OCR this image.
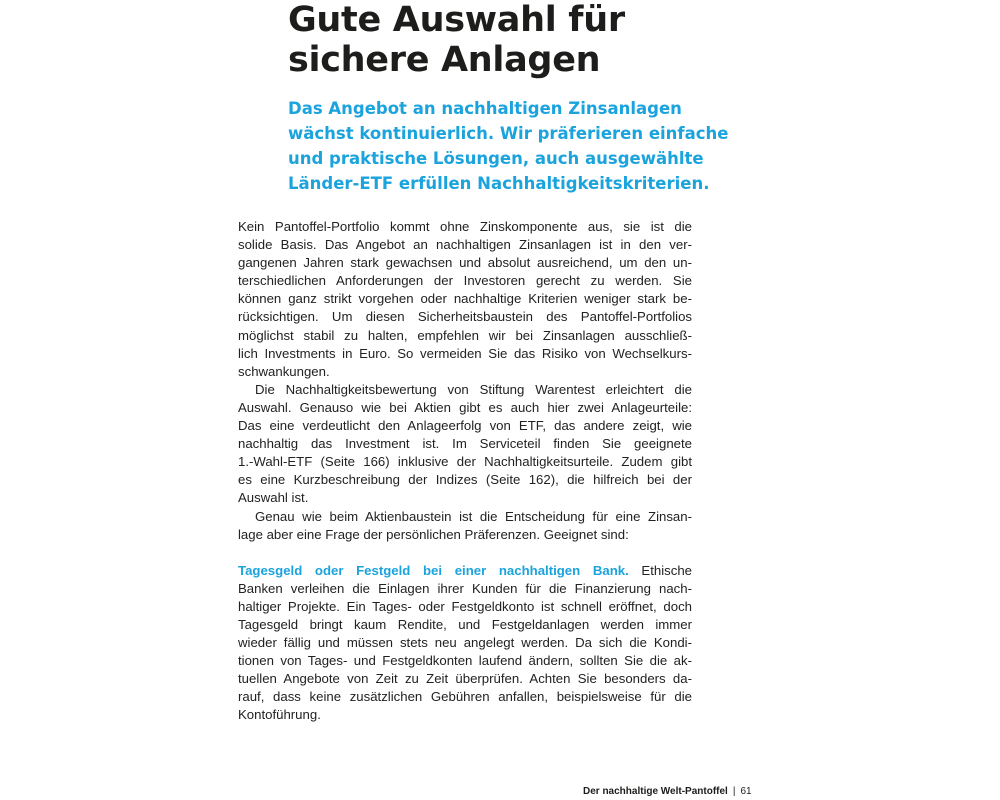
Gute Auswahl für
sichere Anlagen
Das Angebot an nachhaltigen Zinsanlagen
wächst kontinuierlich. Wir präferieren einfache
und praktische Lösungen, auch ausgewählte
Länder-ETF erfüllen Nachhaltigkeitskriterien.
Kein Pantoffel-Portfolio kommt ohne Zinskomponente aus, sie ist die
solide Basis. Das Angebot an nachhaltigen Zinsanlagen ist in den ver-
gangenen Jahren stark gewachsen und absolut ausreichend, um den un-
terschiedlichen Anforderungen der Investoren gerecht zu werden. Sie
können ganz strikt vorgehen oder nachhaltige Kriterien weniger stark be-
rücksichtigen. Um diesen Sicherheitsbaustein des Pantoffel-Portfolios
möglichst stabil zu halten, empfehlen wir bei Zinsanlagen ausschließ-
lich Investments in Euro. So vermeiden Sie das Risiko von Wechselkurs-
schwankungen.
Die Nachhaltigkeitsbewertung von Stiftung Warentest erleichtert die
Auswahl. Genauso wie bei Aktien gibt es auch hier zwei Anlageurteile:
Das eine verdeutlicht den Anlageerfolg von ETF, das andere zeigt, wie
nachhaltig das Investment ist. Im Serviceteil finden Sie geeignete
1.-Wahl-ETF (Seite 166) inklusive der Nachhaltigkeitsurteile. Zudem gibt
es eine Kurzbeschreibung der Indizes (Seite 162), die hilfreich bei der
Auswahl ist.
Genau wie beim Aktienbaustein ist die Entscheidung für eine Zinsan-
lage aber eine Frage der persönlichen Präferenzen. Geeignet sind:
Tagesgeld oder Festgeld bei einer nachhaltigen Bank. Ethische
Banken verleihen die Einlagen ihrer Kunden für die Finanzierung nach-
haltiger Projekte. Ein Tages- oder Festgeldkonto ist schnell eröffnet, doch
Tagesgeld bringt kaum Rendite, und Festgeldanlagen werden immer
wieder fällig und müssen stets neu angelegt werden. Da sich die Kondi-
tionen von Tages- und Festgeldkonten laufend ändern, sollten Sie die ak-
tuellen Angebote von Zeit zu Zeit überprüfen. Achten Sie besonders da-
rauf, dass keine zusätzlichen Gebühren anfallen, beispielsweise für die
Kontoführung.
Der nachhaltige Welt-Pantoffel | 61
